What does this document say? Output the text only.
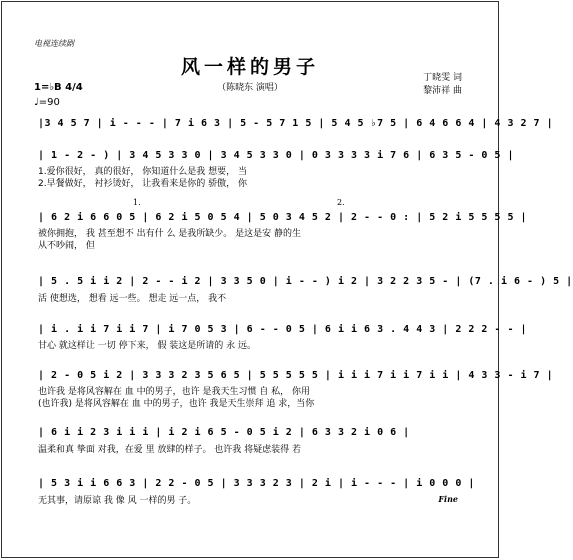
电视连续剧
风一样的男子
（陈晓东 演唱）
丁晓雯 词
黎沛祥 曲
1=♭B 4/4
♩=90
|3 4 5 7 | i - - - | 7 i 6 3 | 5 - 5 7 1 5 | 5 4 5 ♭7 5 | 6 4 6 6 4 | 4 3 2 7 |
| 1 - 2 - ) | 3 4 5 3 3 0 | 3 4 5 3 3 0 | 0 3 3 3 3 i 7 6 | 6 3 5 - 0 5 |
1.爱你很好， 真的很好， 你知道什么是我 想要， 当
2.早餐做好， 衬衫烫好， 让我看来是你的 骄傲， 你
1.	2.
| 6 2 i 6 6 0 5 | 6 2 i 5 0 5 4 | 5 0 3 4 5 2 | 2 - - 0 : | 5 2 i 5 5 5 5 |
被你拥抱， 我 甚至想不 出有什 么 是我所缺少。 是这是安 静的生
从不吵闹， 但
| 5 . 5 i i 2 | 2 - - i 2 | 3 3 5 0 | i - - ) i 2 | 3 2 2 3 5 - | (7 . i 6 - ) 5 |
活 使想选， 想看 远一些。 想走 远一点， 我不
| i . i i 7 i i 7 | i 7 0 5 3 | 6 - - 0 5 | 6 i i 6 3 . 4 4 3 | 2 2 2 - - |
甘心 就这样让 一切 停下来， 假 装这是所请的 永 远。
| 2 - 0 5 i 2 | 3 3 3 2 3 5 6 5 | 5 5 5 5 5 | i i i 7 i i 7 i i | 4 3 3 - i 7 |
也许我 是将风容解在 血 中的男子，也许 是我天生习惯 自 私， 你用
(也许我) 是将风容解在 血 中的男子，也许 我是天生崇拜 追 求，当你
| 6 i i 2 3 i i i | i 2 i 6 5 - 0 5 i 2 | 6 3 3 2 i 0 6 |
温柔和真 挚面 对我，在爱 里 放肆的样子。 也许我 将疑虑装得 若
| 5 3 i i 6 6 3 | 2 2 - 0 5 | 3 3 3 2 3 | 2 i | i - - - | i 0 0 0 |
无其事，请原谅 我 像 风 一样的男 子。	Fine
